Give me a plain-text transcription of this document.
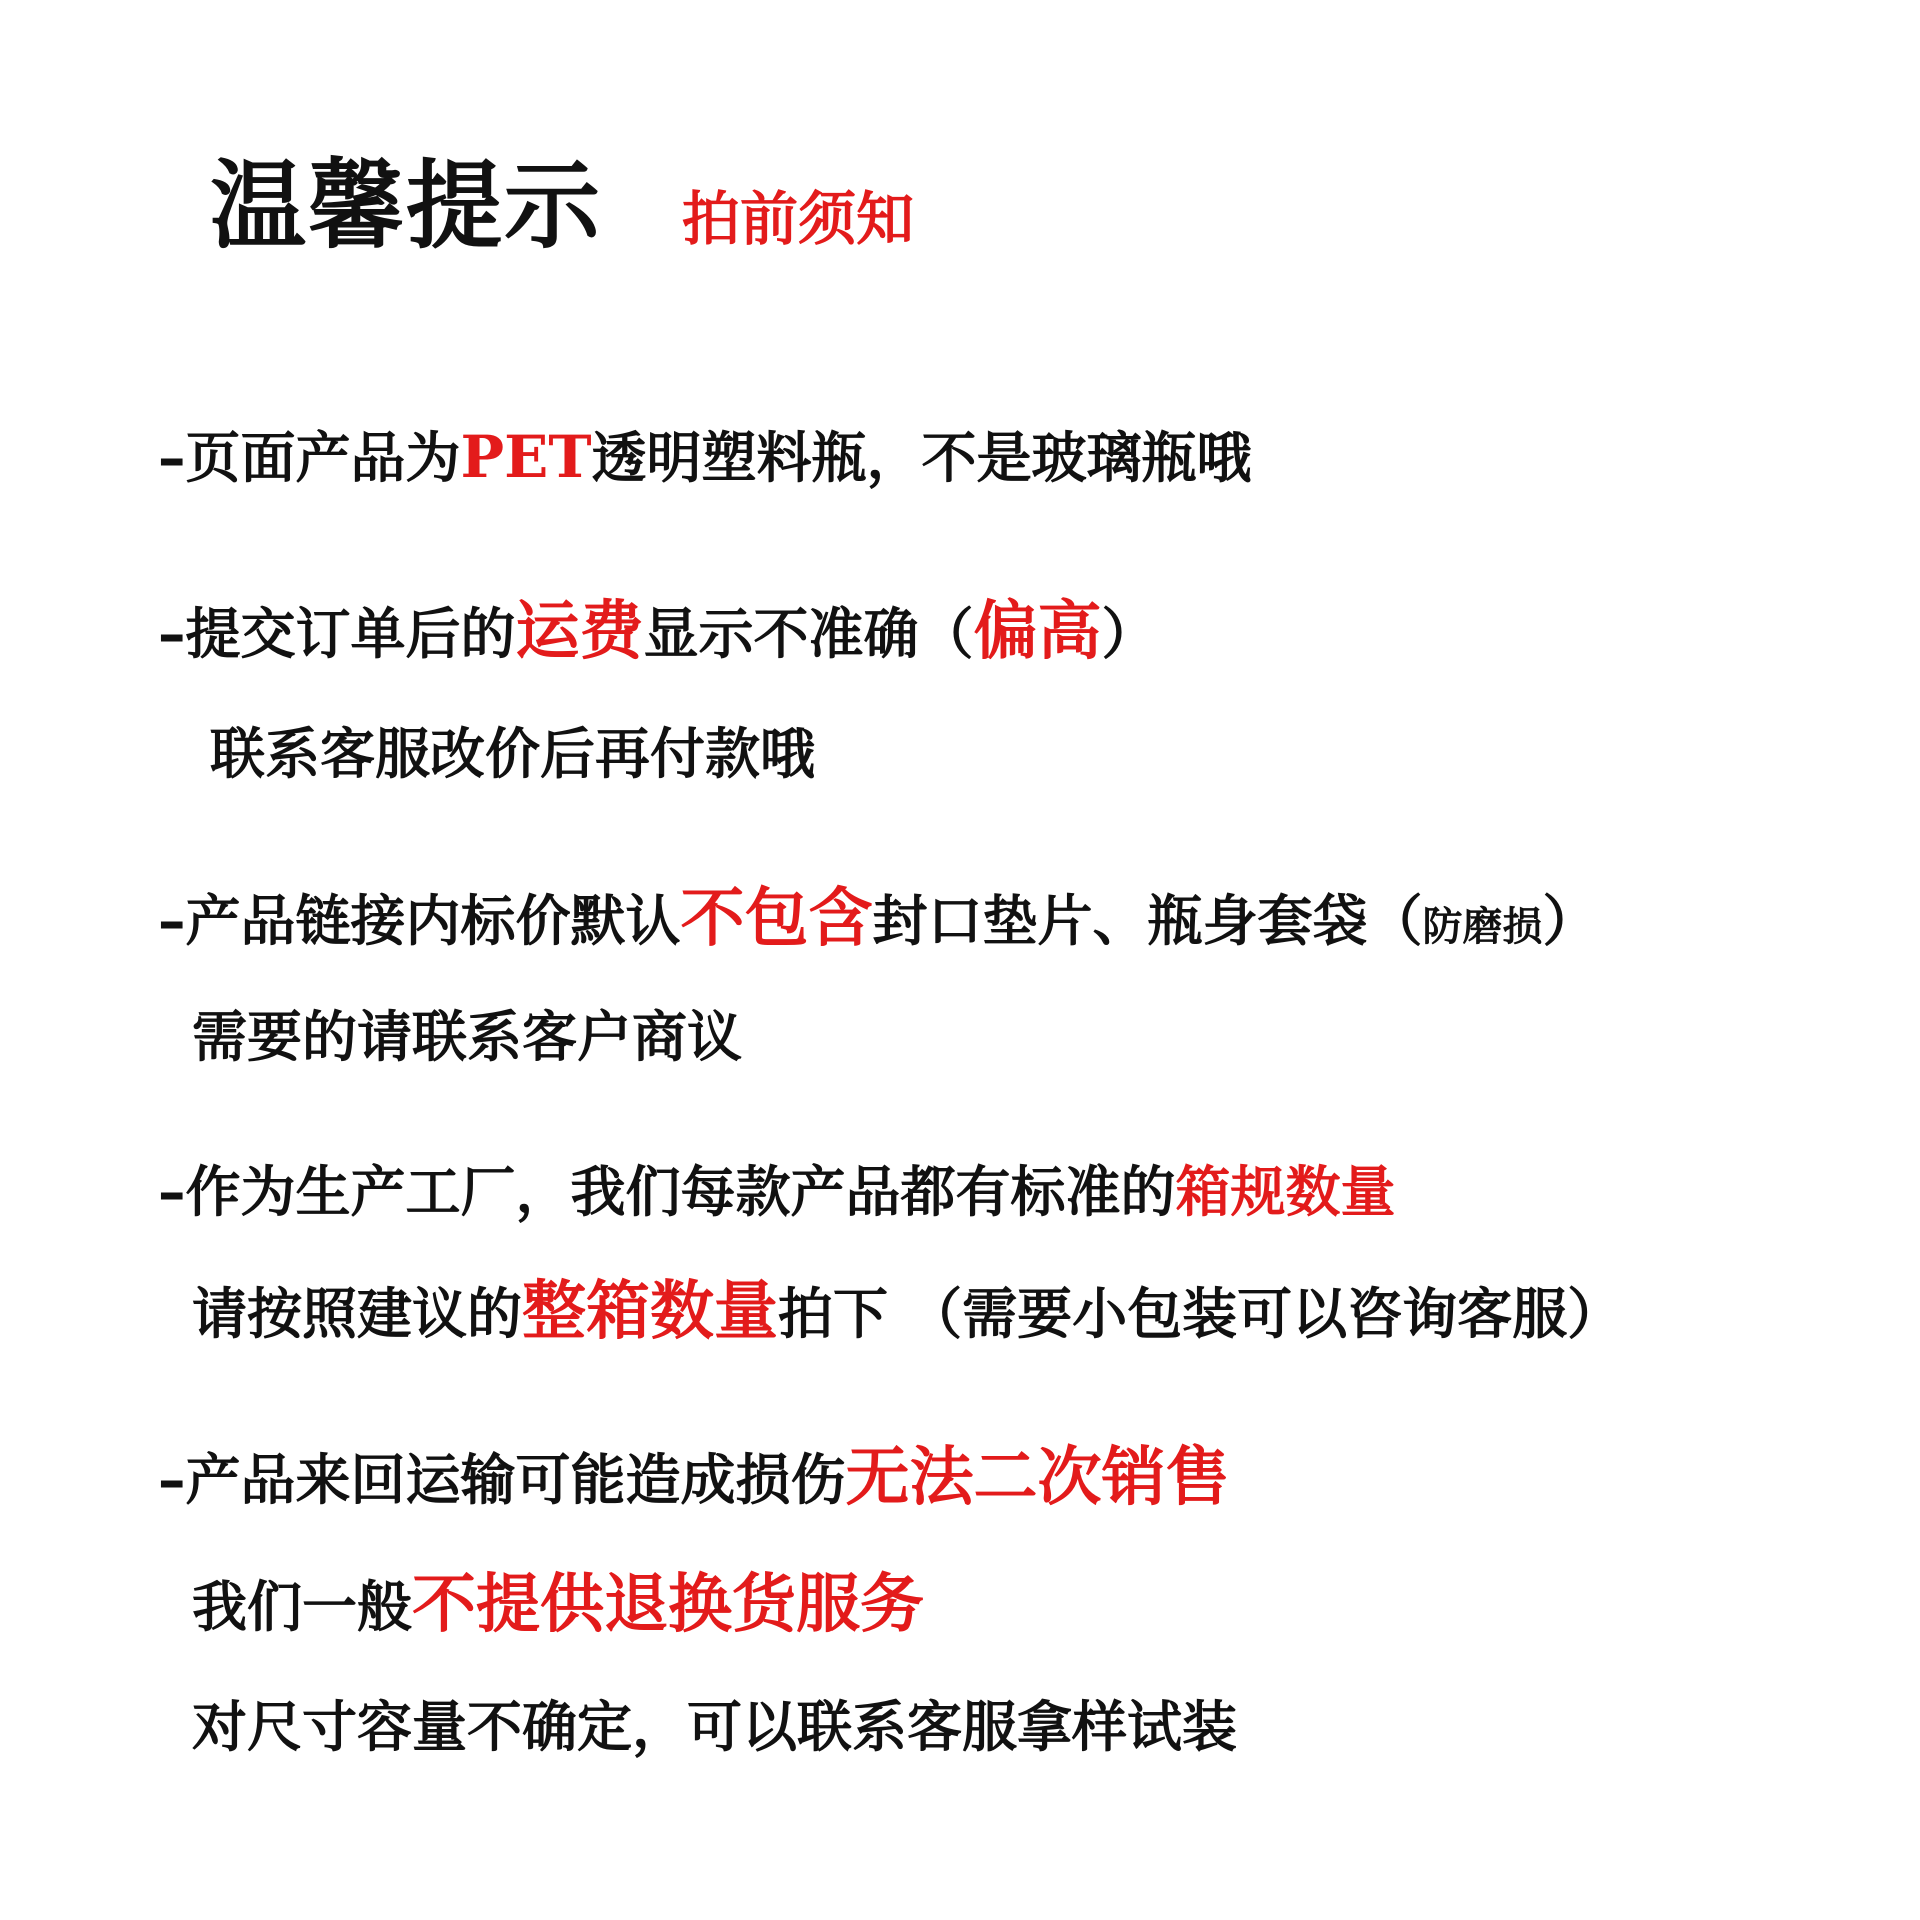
温馨提示 拍前须知
–页面产品为PET透明塑料瓶，不是玻璃瓶哦
–提交订单后的运费显示不准确（偏高）
联系客服改价后再付款哦
–产品链接内标价默认不包含封口垫片、瓶身套袋（防磨损）
需要的请联系客户商议
–作为生产工厂，我们每款产品都有标准的箱规数量
请按照建议的整箱数量拍下 （需要小包装可以咨询客服）
–产品来回运输可能造成损伤无法二次销售
我们一般不提供退换货服务
对尺寸容量不确定，可以联系客服拿样试装
